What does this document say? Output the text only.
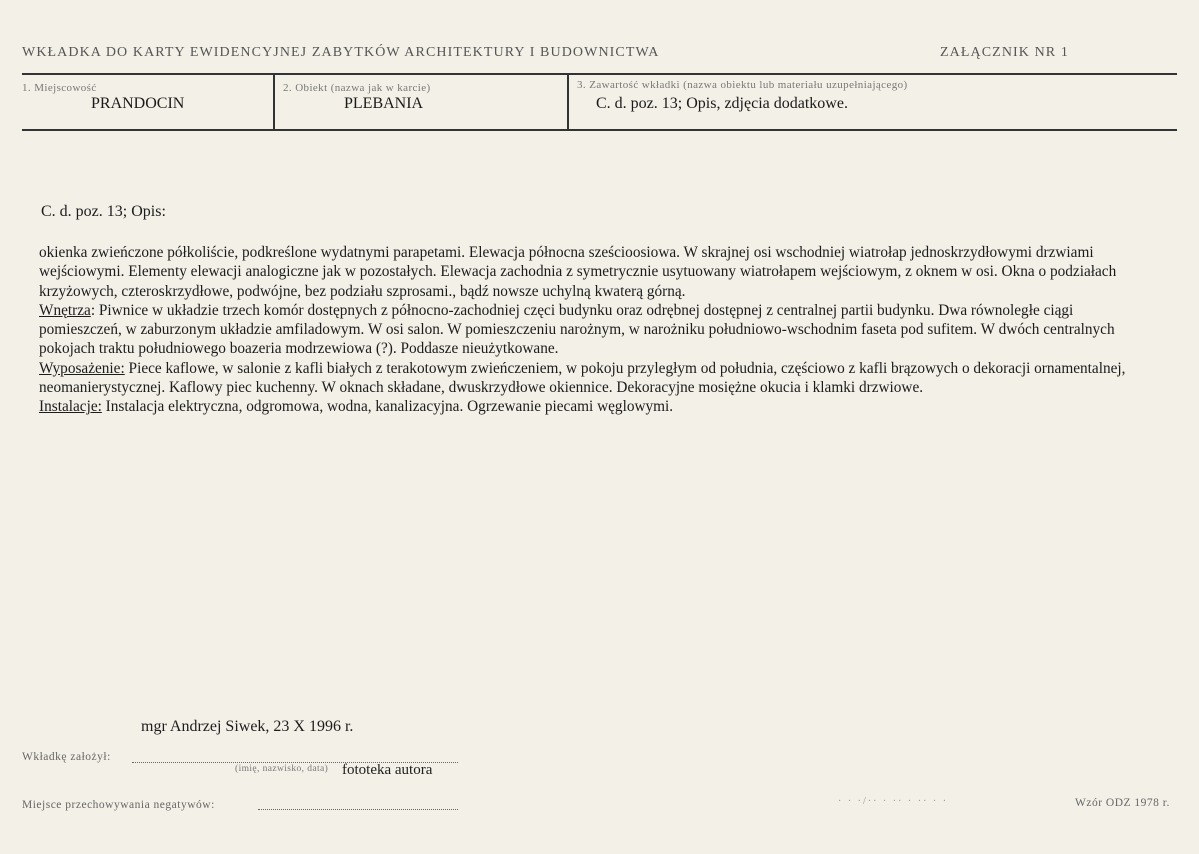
WKŁADKA DO KARTY EWIDENCYJNEJ ZABYTKÓW ARCHITEKTURY I BUDOWNICTWA	ZAŁĄCZNIK NR 1
1. Miejscowość
PRANDOCIN
2. Obiekt (nazwa jak w karcie)
PLEBANIA
3. Zawartość wkładki (nazwa obiektu lub materiału uzupełniającego)
C. d. poz. 13; Opis, zdjęcia dodatkowe.
C. d. poz. 13; Opis:

okienka zwieńczone półkoliście, podkreślone wydatnymi parapetami. Elewacja północna sześcioosiowa. W skrajnej osi wschodniej wiatrołap jednoskrzydłowymi drzwiami wejściowymi. Elementy elewacji analogiczne jak w pozostałych. Elewacja zachodnia z symetrycznie usytuowany wiatrołapem wejściowym, z oknem w osi. Okna o podziałach krzyżowych, czteroskrzydłowe, podwójne, bez podziału szprosami., bądź nowsze uchylną kwaterą górną.

Wnętrza: Piwnice w układzie trzech komór dostępnych z północno-zachodniej częci budynku oraz odrębnej dostępnej z centralnej partii budynku. Dwa równoległe ciągi pomieszczeń, w zaburzonym układzie amfiladowym. W osi salon. W pomieszczeniu narożnym, w narożniku południowo-wschodnim faseta pod sufitem. W dwóch centralnych pokojach traktu południowego boazeria modrzewiowa (?). Poddasze nieużytkowane.

Wyposażenie: Piece kaflowe, w salonie z kafli białych z terakotowym zwieńczeniem, w pokoju przyległym od południa, częściowo z kafli brązowych o dekoracji ornamentalnej, neomanierystycznej. Kaflowy piec kuchenny. W oknach składane, dwuskrzydłowe okiennice. Dekoracyjne mosiężne okucia i klamki drzwiowe.

Instalacje: Instalacja elektryczna, odgromowa, wodna, kanalizacyjna. Ogrzewanie piecami węglowymi.

mgr Andrzej Siwek, 23 X 1996 r.
Wkładkę założył:
(imię, nazwisko, data) fototeka autora
Miejsce przechowywania negatywów:	· · ·/·· · ·· · ·· · ·	Wzór ODZ 1978 r.
